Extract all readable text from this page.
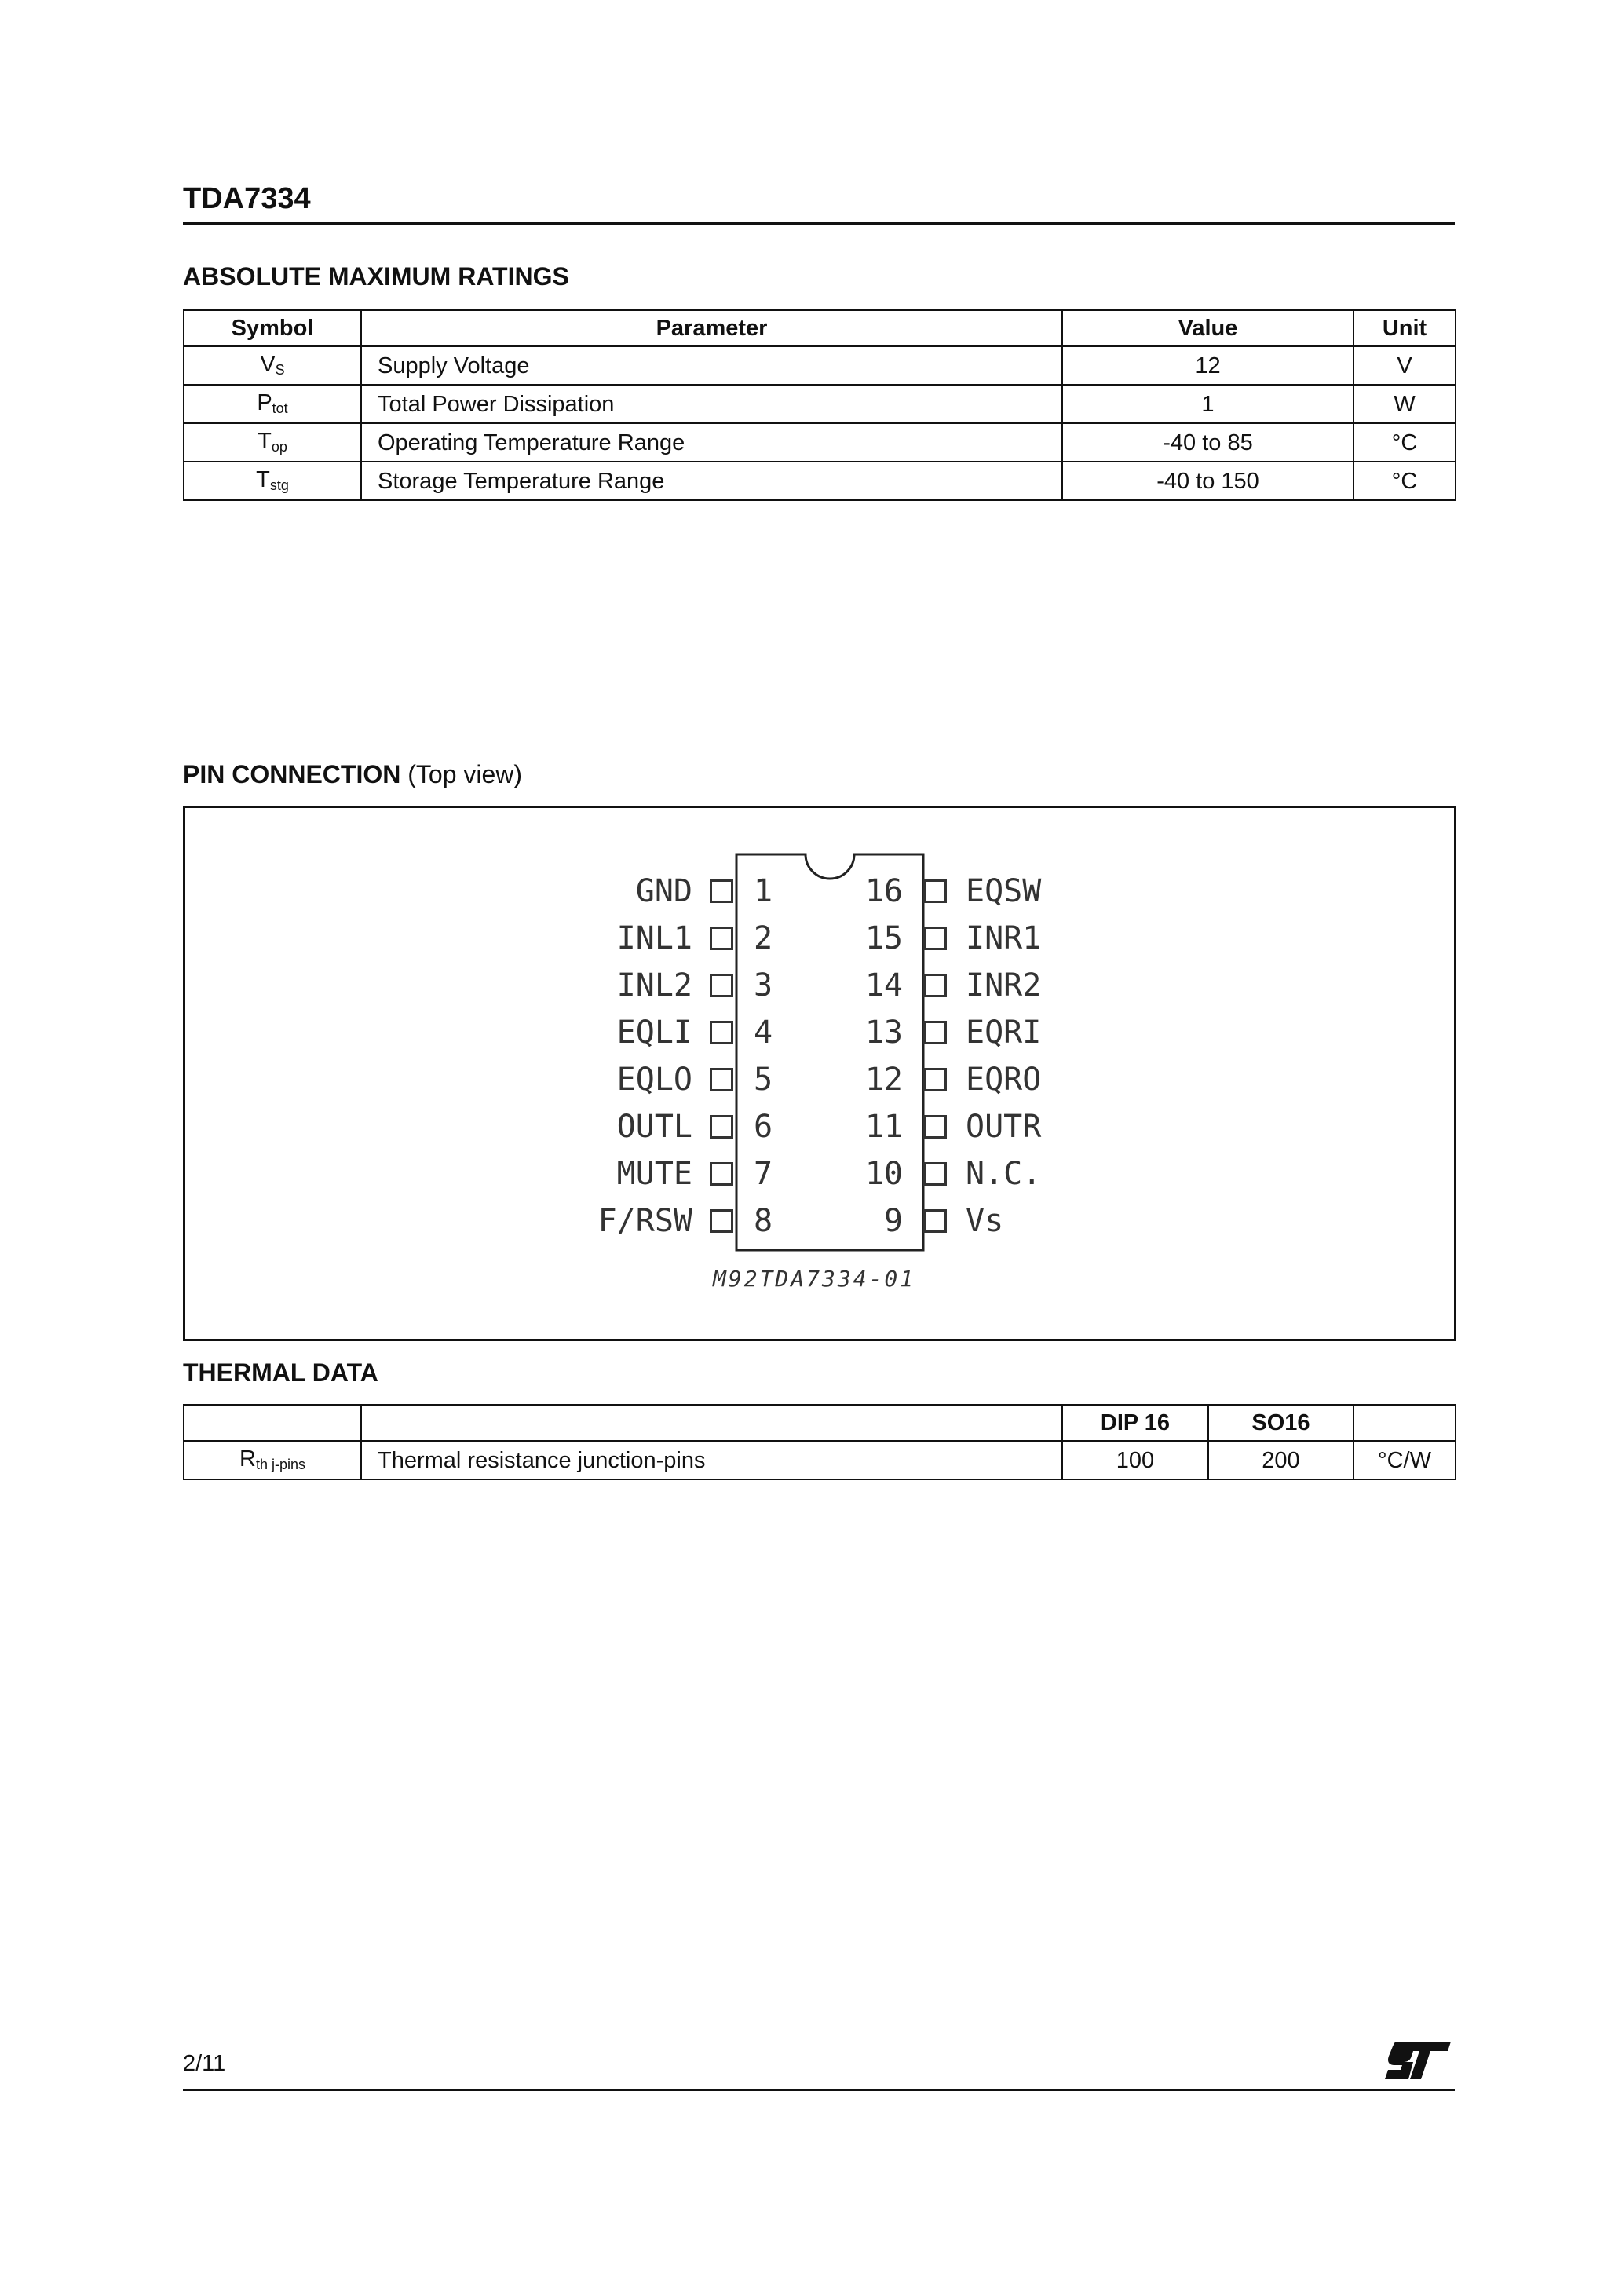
TDA7334
ABSOLUTE MAXIMUM RATINGS
Symbol	Parameter	Value	Unit
$V_S$	Supply Voltage	12	V
$P_{tot}$	Total Power Dissipation	1	W
$T_{op}$	Operating Temperature Range	-40 to 85	°C
$T_{stg}$	Storage Temperature Range	-40 to 150	°C
PIN CONNECTION (Top view)
GND 1
INL1 2
INL2 3
EQLI 4
EQLO 5
OUTL 6
MUTE 7
F/RSW 8
16 EQSW
15 INR1
14 INR2
13 EQRI
12 EQRO
11 OUTR
10 N.C.
9 Vs
M92TDA7334-01
THERMAL DATA
		DIP 16	SO16	
$R_{th j-pins}$	Thermal resistance junction-pins	100	200	°C/W
2/11
